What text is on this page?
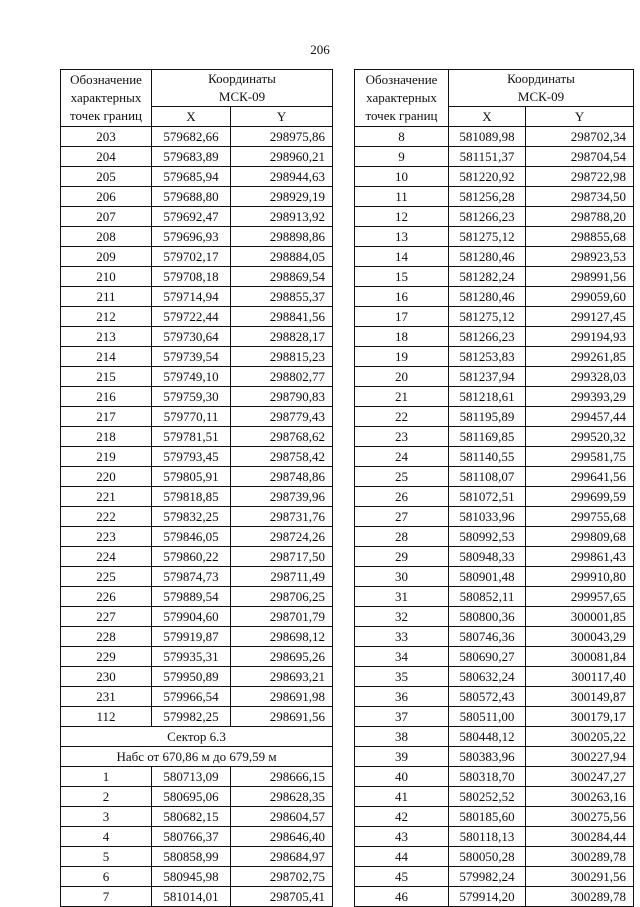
206
Обозначение
характерных
точек границ	Координаты
МСК-09	

	X	Y
203	579682,66	298975,86
204	579683,89	298960,21
205	579685,94	298944,63
206	579688,80	298929,19
207	579692,47	298913,92
208	579696,93	298898,86
209	579702,17	298884,05
210	579708,18	298869,54
211	579714,94	298855,37
212	579722,44	298841,56
213	579730,64	298828,17
214	579739,54	298815,23
215	579749,10	298802,77
216	579759,30	298790,83
217	579770,11	298779,43
218	579781,51	298768,62
219	579793,45	298758,42
220	579805,91	298748,86
221	579818,85	298739,96
222	579832,25	298731,76
223	579846,05	298724,26
224	579860,22	298717,50
225	579874,73	298711,49
226	579889,54	298706,25
227	579904,60	298701,79
228	579919,87	298698,12
229	579935,31	298695,26
230	579950,89	298693,21
231	579966,54	298691,98
112	579982,25	298691,56
Сектор 6.3		
Набс от 670,86 м до 679,59 м		
1	580713,09	298666,15
2	580695,06	298628,35
3	580682,15	298604,57
4	580766,37	298646,40
5	580858,99	298684,97
6	580945,98	298702,75
7	581014,01	298705,41
Обозначение
характерных
точек границ	Координаты
МСК-09	

	X	Y
8	581089,98	298702,34
9	581151,37	298704,54
10	581220,92	298722,98
11	581256,28	298734,50
12	581266,23	298788,20
13	581275,12	298855,68
14	581280,46	298923,53
15	581282,24	298991,56
16	581280,46	299059,60
17	581275,12	299127,45
18	581266,23	299194,93
19	581253,83	299261,85
20	581237,94	299328,03
21	581218,61	299393,29
22	581195,89	299457,44
23	581169,85	299520,32
24	581140,55	299581,75
25	581108,07	299641,56
26	581072,51	299699,59
27	581033,96	299755,68
28	580992,53	299809,68
29	580948,33	299861,43
30	580901,48	299910,80
31	580852,11	299957,65
32	580800,36	300001,85
33	580746,36	300043,29
34	580690,27	300081,84
35	580632,24	300117,40
36	580572,43	300149,87
37	580511,00	300179,17
38	580448,12	300205,22
39	580383,96	300227,94
40	580318,70	300247,27
41	580252,52	300263,16
42	580185,60	300275,56
43	580118,13	300284,44
44	580050,28	300289,78
45	579982,24	300291,56
46	579914,20	300289,78
